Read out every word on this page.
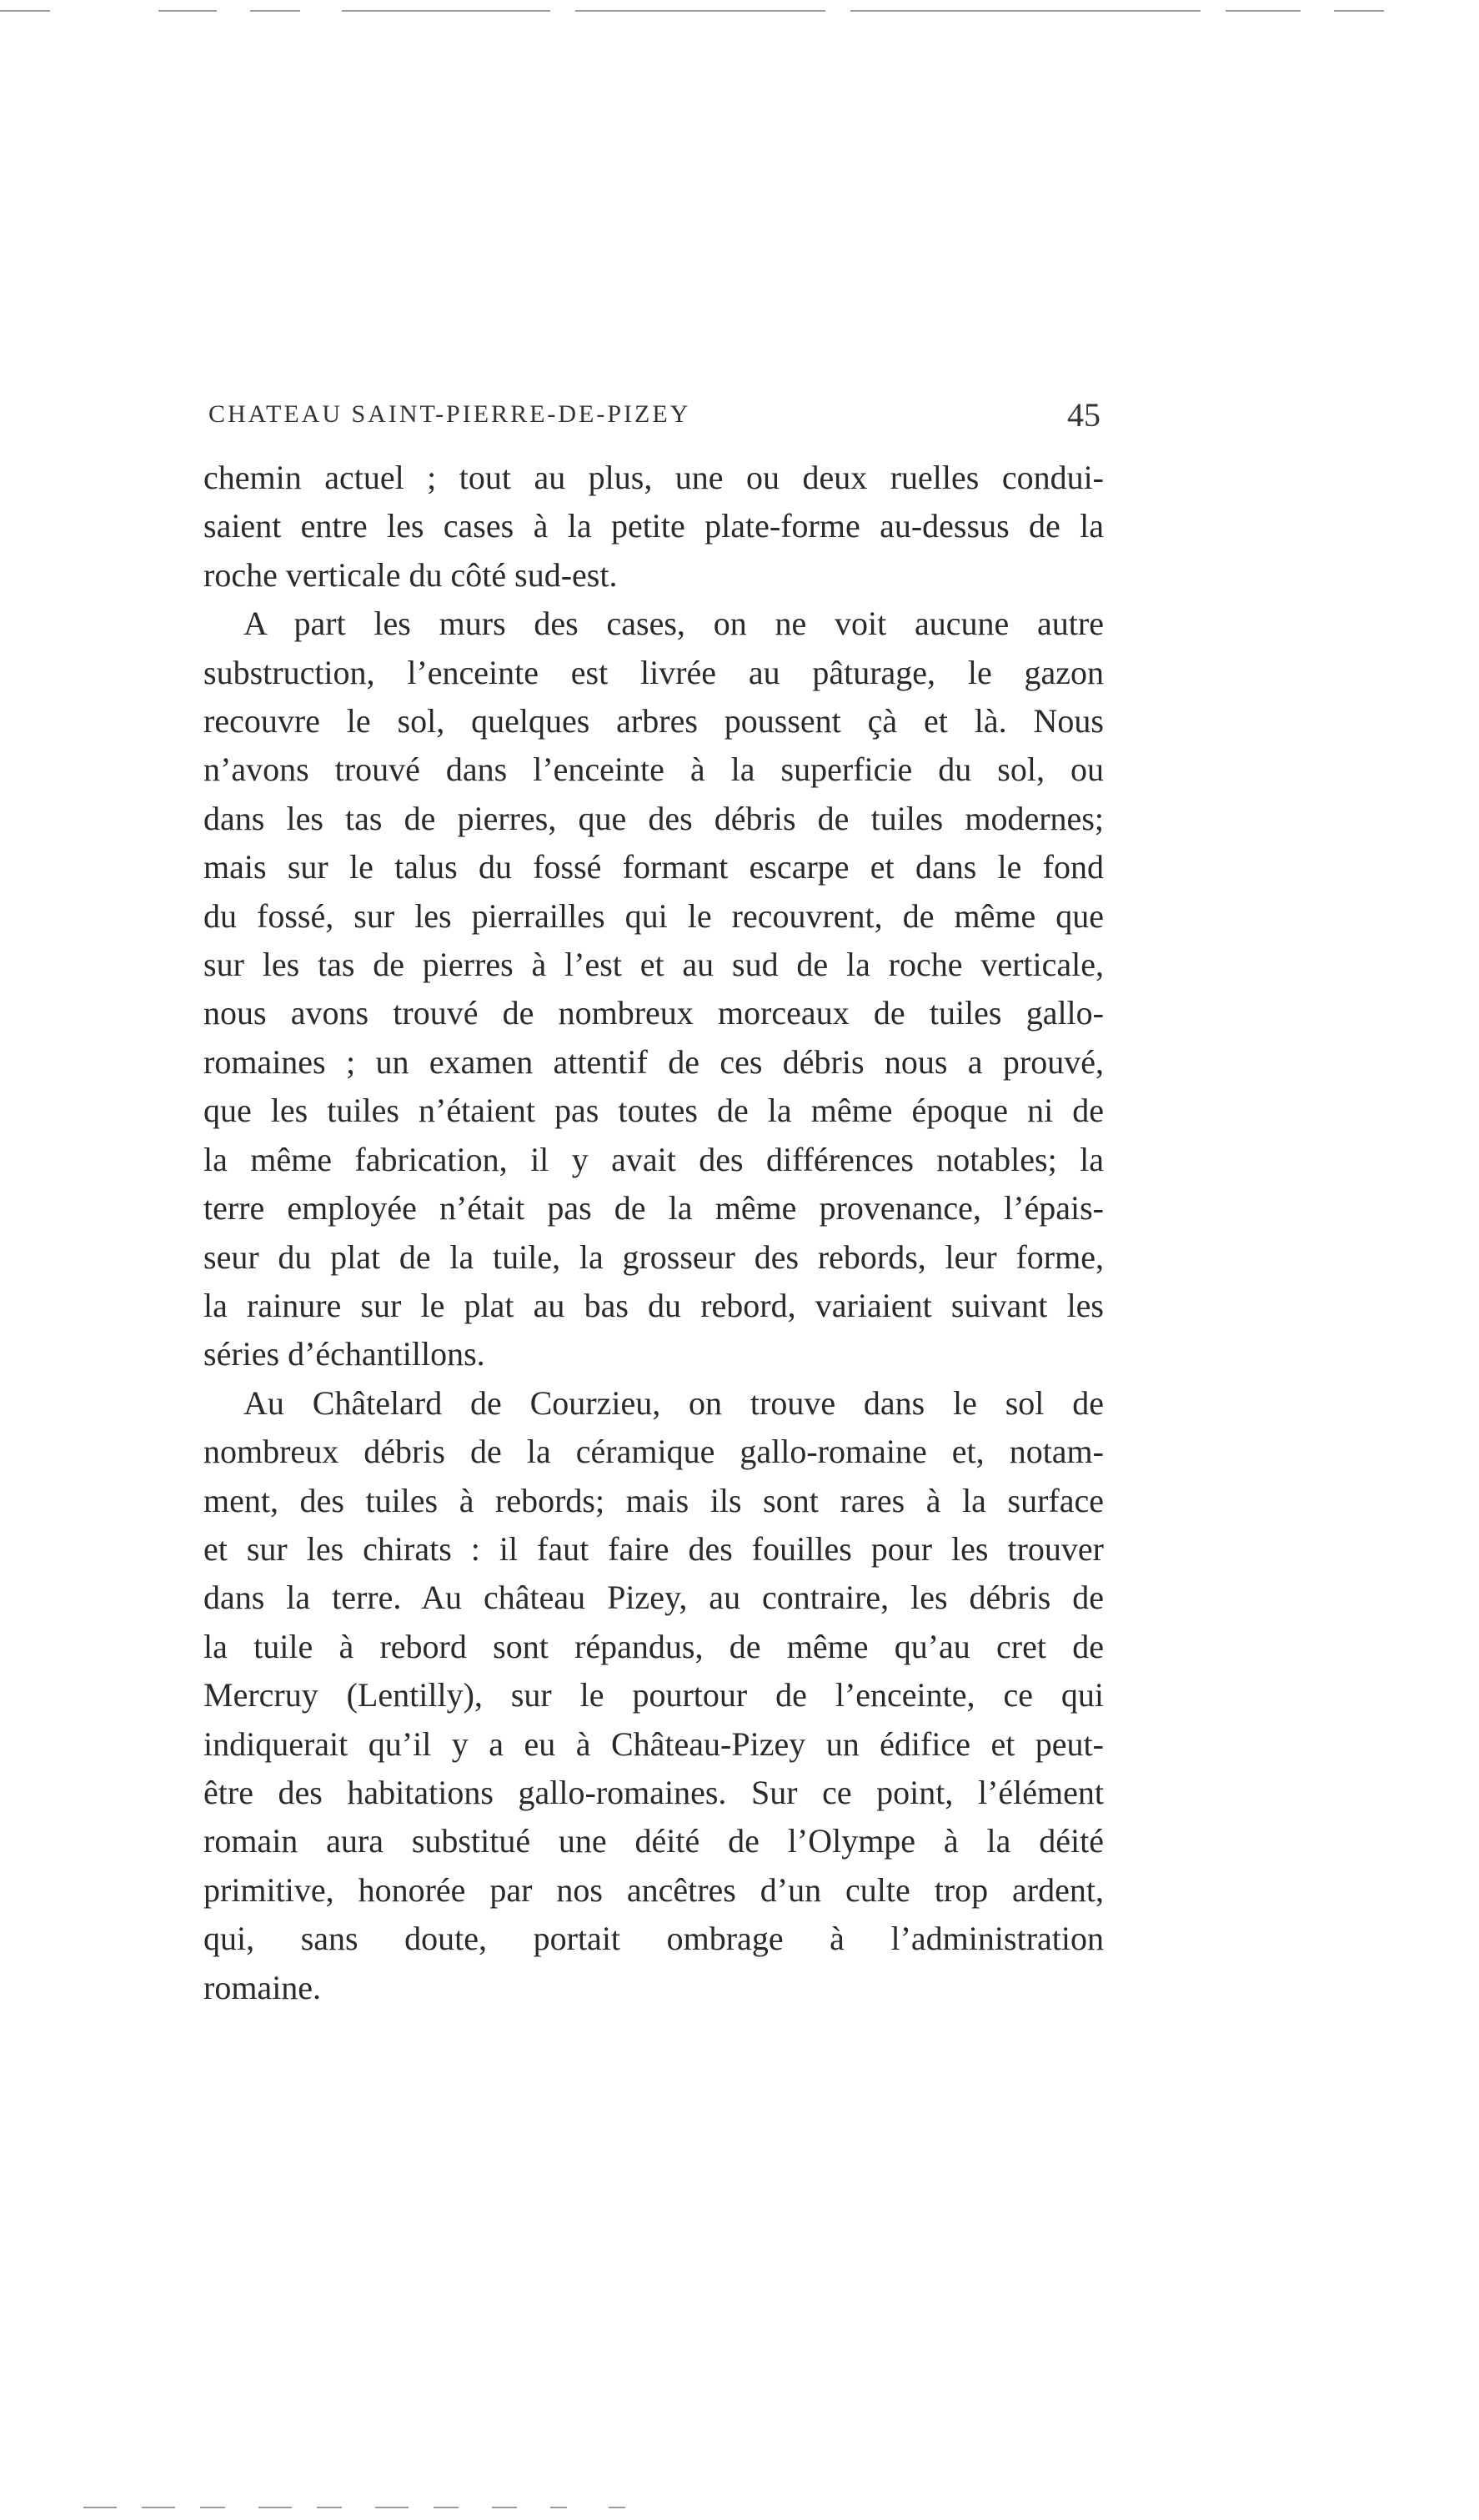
CHATEAU SAINT-PIERRE-DE-PIZEY	45

chemin actuel ; tout au plus, une ou deux ruelles condui-
saient entre les cases à la petite plate-forme au-dessus de la
roche verticale du côté sud-est.

A part les murs des cases, on ne voit aucune autre
substruction, l’enceinte est livrée au pâturage, le gazon
recouvre le sol, quelques arbres poussent çà et là. Nous
n’avons trouvé dans l’enceinte à la superficie du sol, ou
dans les tas de pierres, que des débris de tuiles modernes;
mais sur le talus du fossé formant escarpe et dans le fond
du fossé, sur les pierrailles qui le recouvrent, de même que
sur les tas de pierres à l’est et au sud de la roche verticale,
nous avons trouvé de nombreux morceaux de tuiles gallo-
romaines ; un examen attentif de ces débris nous a prouvé,
que les tuiles n’étaient pas toutes de la même époque ni de
la même fabrication, il y avait des différences notables; la
terre employée n’était pas de la même provenance, l’épais-
seur du plat de la tuile, la grosseur des rebords, leur forme,
la rainure sur le plat au bas du rebord, variaient suivant les
séries d’échantillons.

Au Châtelard de Courzieu, on trouve dans le sol de
nombreux débris de la céramique gallo-romaine et, notam-
ment, des tuiles à rebords; mais ils sont rares à la surface
et sur les chirats : il faut faire des fouilles pour les trouver
dans la terre. Au château Pizey, au contraire, les débris de
la tuile à rebord sont répandus, de même qu’au cret de
Mercruy (Lentilly), sur le pourtour de l’enceinte, ce qui
indiquerait qu’il y a eu à Château-Pizey un édifice et peut-
être des habitations gallo-romaines. Sur ce point, l’élément
romain aura substitué une déité de l’Olympe à la déité
primitive, honorée par nos ancêtres d’un culte trop ardent,
qui, sans doute, portait ombrage à l’administration
romaine.
